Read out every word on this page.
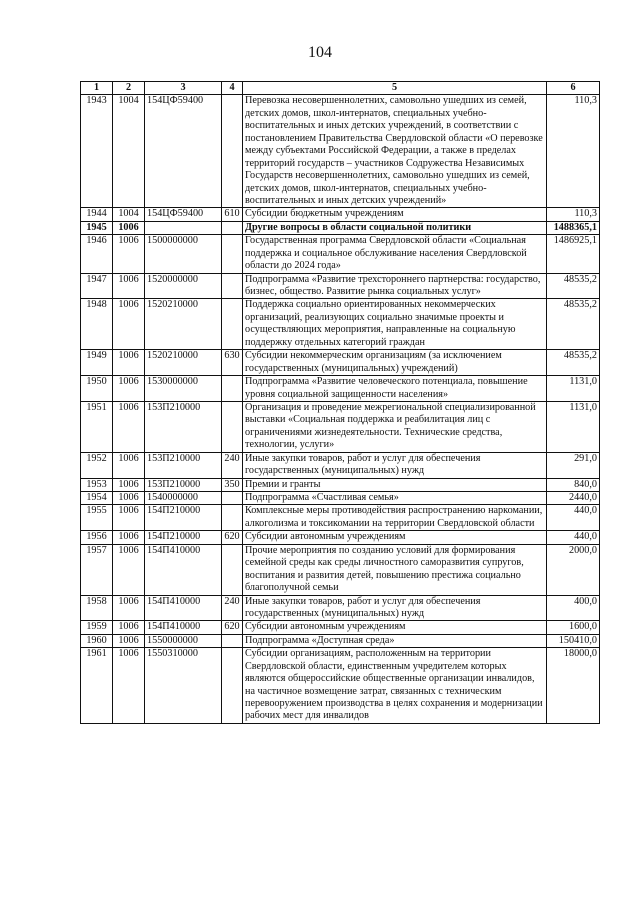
104
1	2	3	4	5	6
1943	1004	154ЦФ59400		Перевозка несовершеннолетних, самовольно ушедших из семей, детских домов, школ-интернатов, специальных учебно-воспитательных и иных детских учреждений, в соответствии с постановлением Правительства Свердловской области «О перевозке между субъектами Российской Федерации, а также в пределах территорий государств – участников Содружества Независимых Государств несовершеннолетних, самовольно ушедших из семей, детских домов, школ-интернатов, специальных учебно-воспитательных и иных детских учреждений»	110,3
1944	1004	154ЦФ59400	610	Субсидии бюджетным учреждениям	110,3
1945	1006			Другие вопросы в области социальной политики	1488365,1
1946	1006	1500000000		Государственная программа Свердловской области «Социальная поддержка и социальное обслуживание населения Свердловской области до 2024 года»	1486925,1
1947	1006	1520000000		Подпрограмма «Развитие трехстороннего партнерства: государство, бизнес, общество. Развитие рынка социальных услуг»	48535,2
1948	1006	1520210000		Поддержка социально ориентированных некоммерческих организаций, реализующих социально значимые проекты и осуществляющих мероприятия, направленные на социальную поддержку отдельных категорий граждан	48535,2
1949	1006	1520210000	630	Субсидии некоммерческим организациям (за исключением государственных (муниципальных) учреждений)	48535,2
1950	1006	1530000000		Подпрограмма «Развитие человеческого потенциала, повышение уровня социальной защищенности населения»	1131,0
1951	1006	153П210000		Организация и проведение межрегиональной специализированной выставки «Социальная поддержка и реабилитация лиц с ограничениями жизнедеятельности. Технические средства, технологии, услуги»	1131,0
1952	1006	153П210000	240	Иные закупки товаров, работ и услуг для обеспечения государственных (муниципальных) нужд	291,0
1953	1006	153П210000	350	Премии и гранты	840,0
1954	1006	1540000000		Подпрограмма «Счастливая семья»	2440,0
1955	1006	154П210000		Комплексные меры противодействия распространению наркомании, алкоголизма и токсикомании на территории Свердловской области	440,0
1956	1006	154П210000	620	Субсидии автономным учреждениям	440,0
1957	1006	154П410000		Прочие мероприятия по созданию условий для формирования семейной среды как среды личностного саморазвития супругов, воспитания и развития детей, повышению престижа социально благополучной семьи	2000,0
1958	1006	154П410000	240	Иные закупки товаров, работ и услуг для обеспечения государственных (муниципальных) нужд	400,0
1959	1006	154П410000	620	Субсидии автономным учреждениям	1600,0
1960	1006	1550000000		Подпрограмма «Доступная среда»	150410,0
1961	1006	1550310000		Субсидии организациям, расположенным на территории Свердловской области, единственным учредителем которых являются общероссийские общественные организации инвалидов, на частичное возмещение затрат, связанных с техническим перевооружением производства в целях сохранения и модернизации рабочих мест для инвалидов	18000,0
